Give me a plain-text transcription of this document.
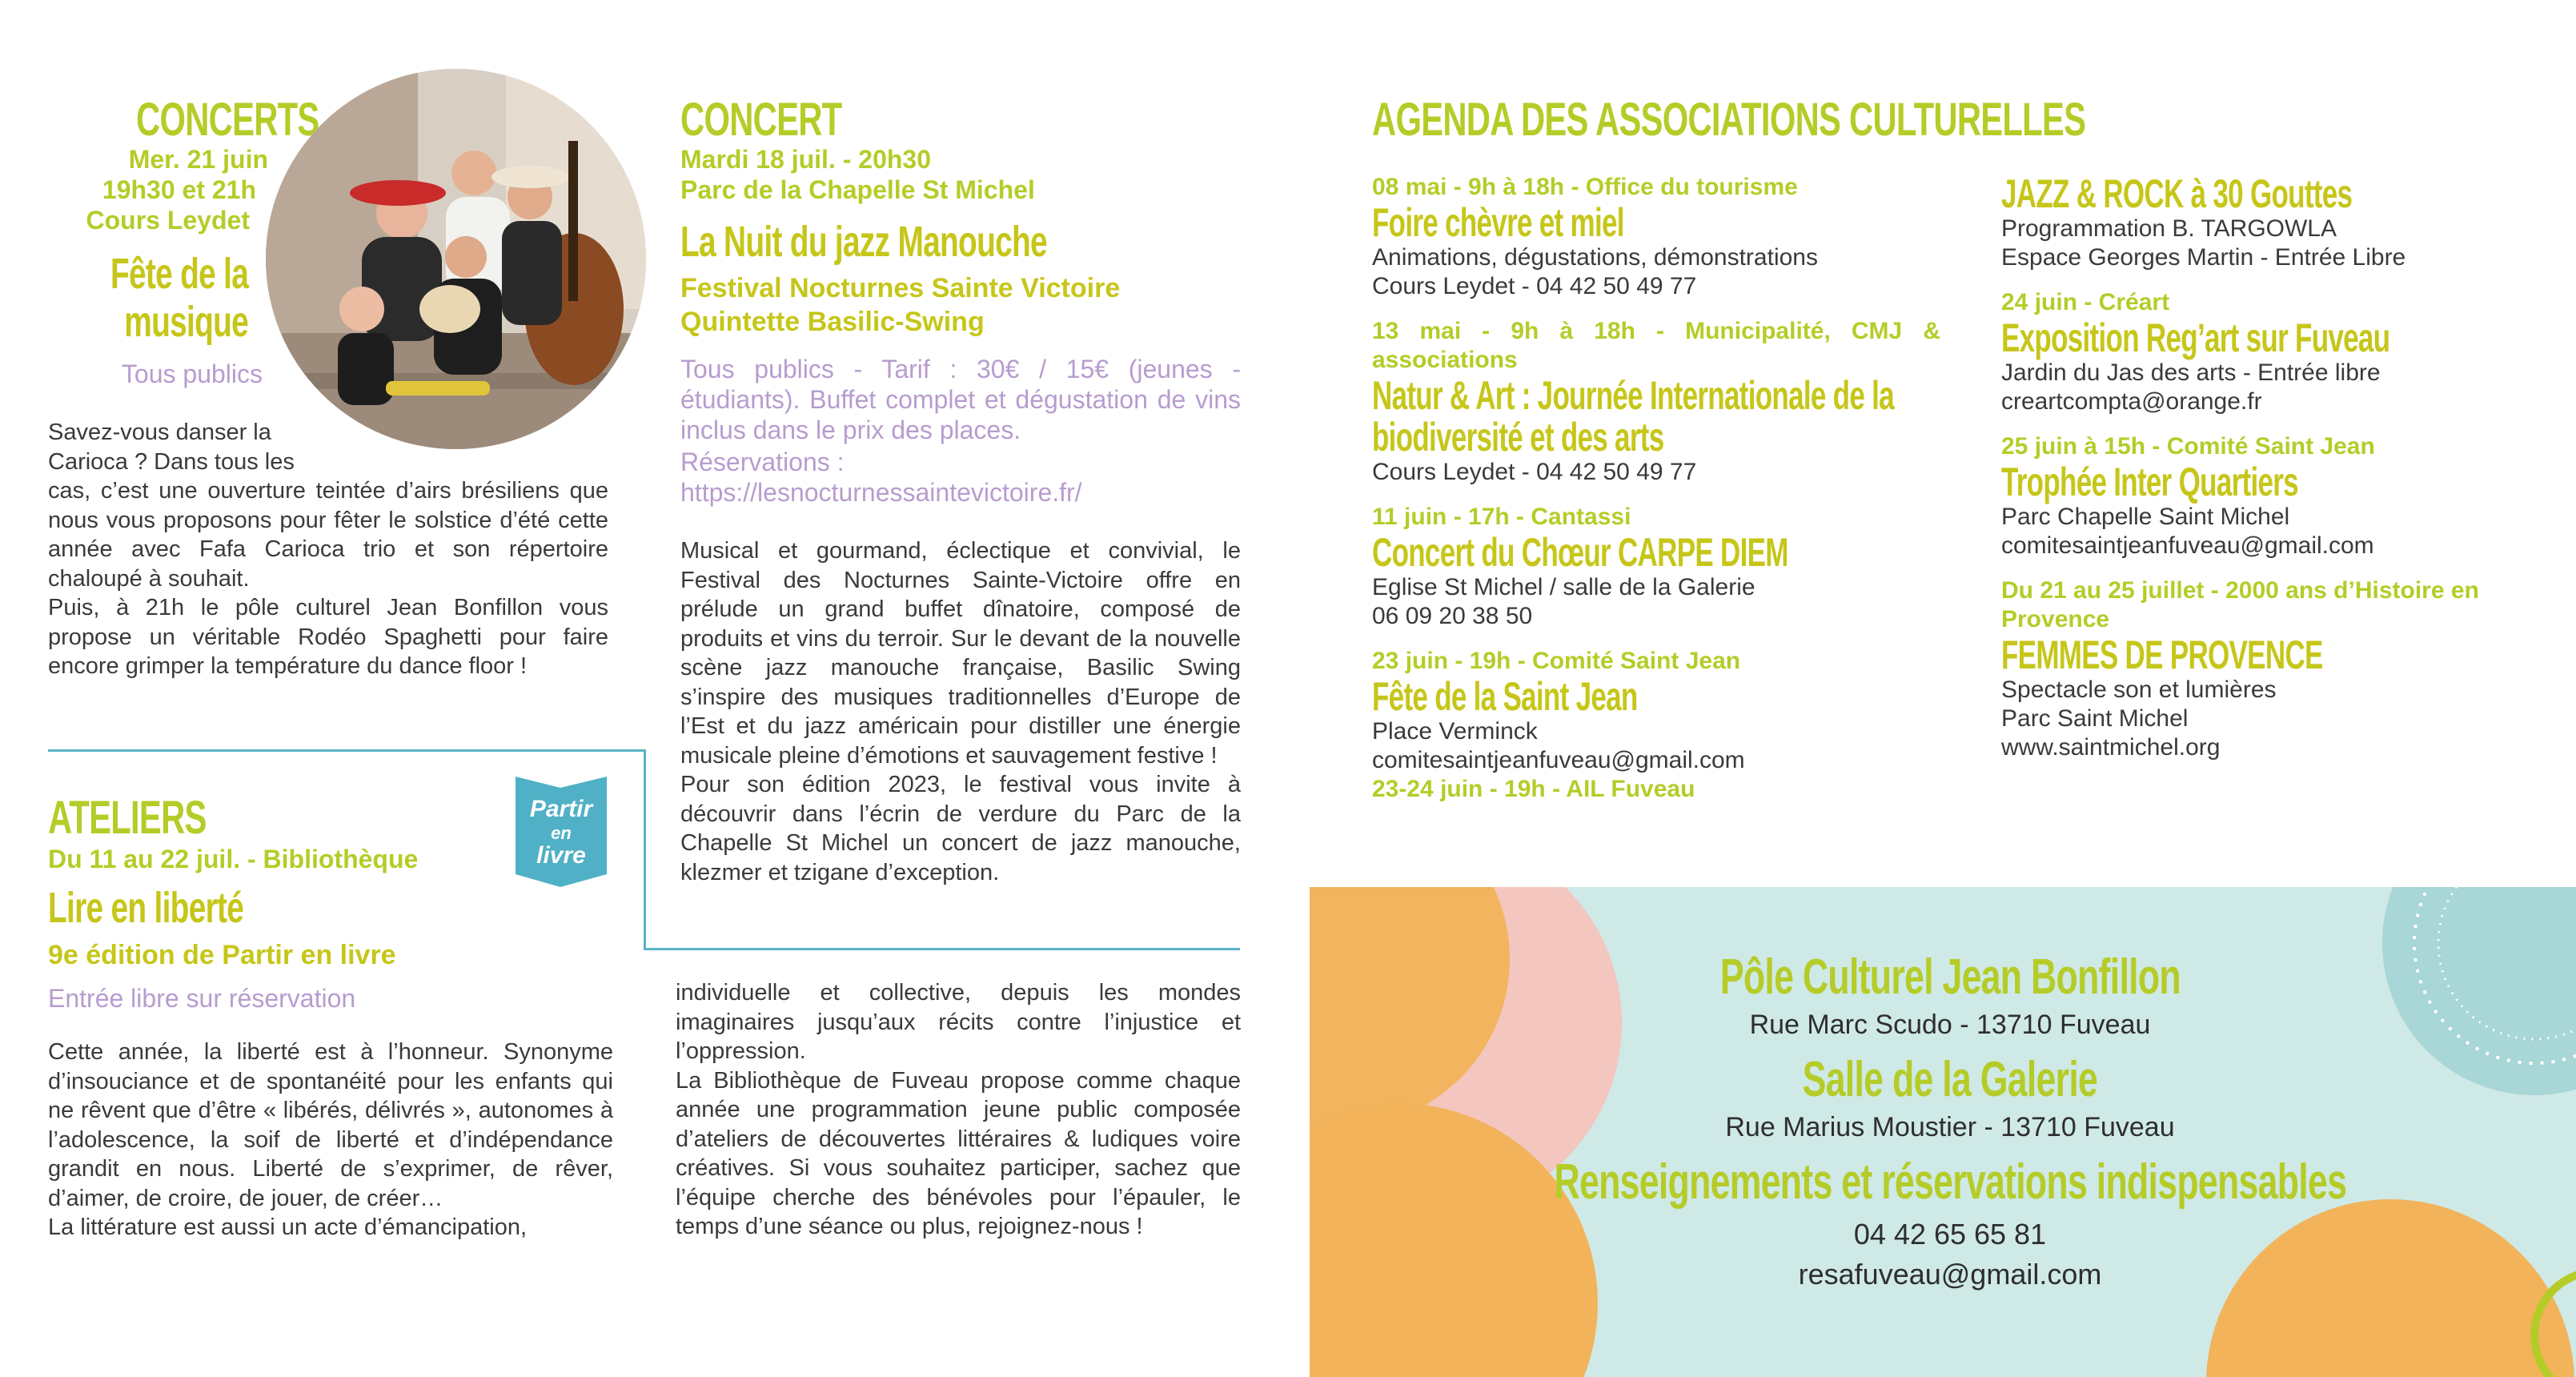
CONCERTS
Mer. 21 juin
19h30 et 21h
Cours Leydet
Fête de la
musique
Tous publics

Savez-vous danser la

Carioca ? Dans tous les

cas, c’est une ouverture teintée d’airs brésiliens que nous vous proposons pour fêter le solstice d’été cette année avec Fafa Carioca trio et son répertoire chaloupé à souhait.

Puis, à 21h le pôle culturel Jean Bonfillon vous propose un véritable Rodéo Spaghetti pour faire encore grimper la température du dance floor !

ATELIERS
Du 11 au 22 juil. - Bibliothèque
Lire en liberté
9e édition de Partir en livre
Entrée libre sur réservation
Partir
en
livre

Cette année, la liberté est à l’honneur. Synonyme d’insouciance et de spontanéité pour les enfants qui ne rêvent que d’être « libérés, délivrés », autonomes à l’adolescence, la soif de liberté et d’indépendance grandit en nous. Liberté de s’exprimer, de rêver, d’aimer, de croire, de jouer, de créer…

La littérature est aussi un acte d’émancipation,

individuelle et collective, depuis les mondes imaginaires jusqu’aux récits contre l’injustice et l’oppression.

La Bibliothèque de Fuveau propose comme chaque année une programmation jeune public composée d’ateliers de découvertes littéraires & ludiques voire créatives. Si vous souhaitez participer, sachez que l’équipe cherche des bénévoles pour l’épauler, le temps d’une séance ou plus, rejoignez-nous !

CONCERT
Mardi 18 juil. - 20h30
Parc de la Chapelle St Michel
La Nuit du jazz Manouche
Festival Nocturnes Sainte Victoire
Quintette Basilic-Swing
Tous publics - Tarif : 30€ / 15€ (jeunes - étudiants). Buffet complet et dégustation de vins inclus dans le prix des places.
Réservations :
https://lesnocturnessaintevictoire.fr/

Musical et gourmand, éclectique et convivial, le Festival des Nocturnes Sainte-Victoire offre en prélude un grand buffet dînatoire, composé de produits et vins du terroir. Sur le devant de la nouvelle scène jazz manouche française, Basilic Swing s’inspire des musiques traditionnelles d’Europe de l’Est et du jazz américain pour distiller une énergie musicale pleine d’émotions et sauvagement festive !

Pour son édition 2023, le festival vous invite à découvrir dans l’écrin de verdure du Parc de la Chapelle St Michel un concert de jazz manouche, klezmer et tzigane d’exception.

AGENDA DES ASSOCIATIONS CULTURELLES
08 mai - 9h à 18h - Office du tourisme
Foire chèvre et miel
Animations, dégustations, démonstrations
Cours Leydet - 04 42 50 49 77
13 mai - 9h à 18h - Municipalité, CMJ & associations
Natur & Art : Journée Internationale de la biodiversité et des arts
Cours Leydet - 04 42 50 49 77
11 juin - 17h - Cantassi
Concert du Chœur CARPE DIEM
Eglise St Michel / salle de la Galerie
06 09 20 38 50
23 juin - 19h - Comité Saint Jean
Fête de la Saint Jean
Place Verminck
comitesaintjeanfuveau@gmail.com
23-24 juin - 19h - AIL Fuveau
JAZZ & ROCK à 30 Gouttes
Programmation B. TARGOWLA
Espace Georges Martin - Entrée Libre
24 juin - Créart
Exposition Reg’art sur Fuveau
Jardin du Jas des arts - Entrée libre
creartcompta@orange.fr
25 juin à 15h - Comité Saint Jean
Trophée Inter Quartiers
Parc Chapelle Saint Michel
comitesaintjeanfuveau@gmail.com
Du 21 au 25 juillet - 2000 ans d’Histoire en Provence
FEMMES DE PROVENCE
Spectacle son et lumières
Parc Saint Michel
www.saintmichel.org
Pôle Culturel Jean Bonfillon
Rue Marc Scudo - 13710 Fuveau
Salle de la Galerie
Rue Marius Moustier - 13710 Fuveau
Renseignements et réservations indispensables
04 42 65 65 81
resafuveau@gmail.com
